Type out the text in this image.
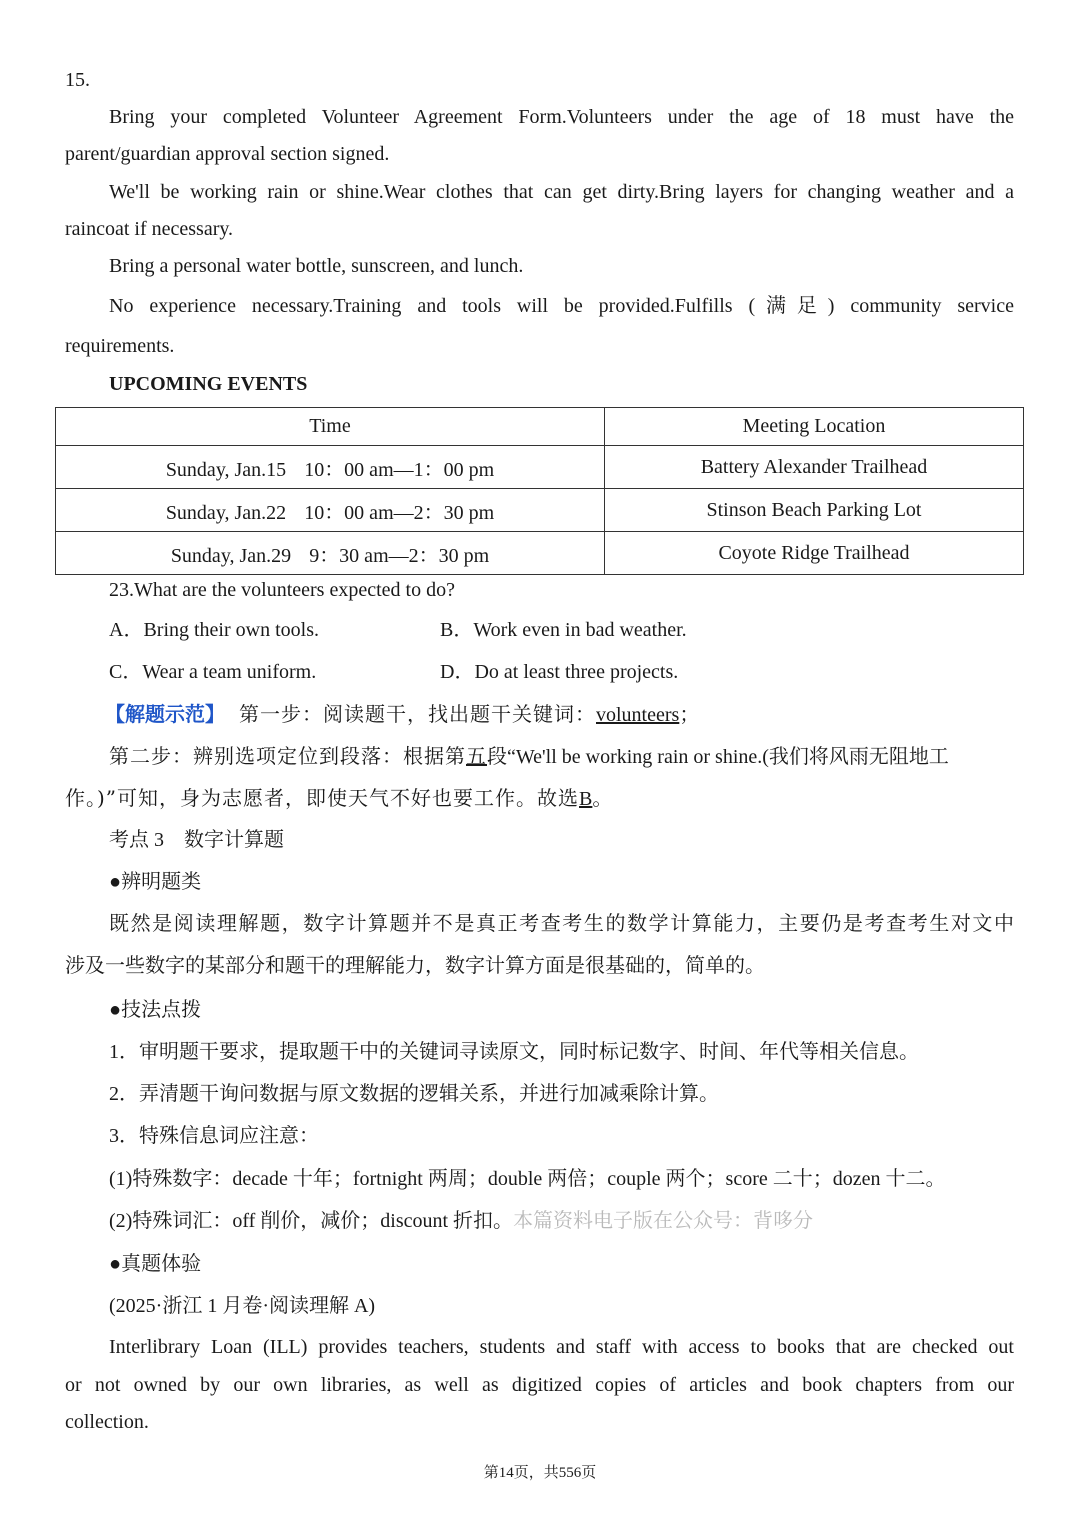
15.
Bring your completed Volunteer Agreement Form.Volunteers under the age of 18 must have the
parent/guardian approval section signed.
We'll be working rain or shine.Wear clothes that can get dirty.Bring layers for changing weather and a
raincoat if necessary.
Bring a personal water bottle, sunscreen, and lunch.
No experience necessary.Training and tools will be provided.Fulfills (满足) community service
requirements.
UPCOMING EVENTS
Time	Meeting Location
Sunday, Jan.15 10：00 am—1：00 pm	Battery Alexander Trailhead
Sunday, Jan.22 10：00 am—2：30 pm	Stinson Beach Parking Lot
Sunday, Jan.29 9：30 am—2：30 pm	Coyote Ridge Trailhead
23.What are the volunteers expected to do?
A．Bring their own tools.	B．Work even in bad weather.
C．Wear a team uniform.	D．Do at least three projects.
【解题示范】 第一步：阅读题干，找出题干关键词：volunteers；
第二步：辨别选项定位到段落：根据第五段“We'll be working rain or shine.(我们将风雨无阻地工
作。)”可知，身为志愿者，即使天气不好也要工作。故选B。
考点 3　数字计算题
●辨明题类
既然是阅读理解题，数字计算题并不是真正考查考生的数学计算能力，主要仍是考查考生对文中
涉及一些数字的某部分和题干的理解能力，数字计算方面是很基础的，简单的。
●技法点拨
1．审明题干要求，提取题干中的关键词寻读原文，同时标记数字、时间、年代等相关信息。
2．弄清题干询问数据与原文数据的逻辑关系，并进行加减乘除计算。
3．特殊信息词应注意：
(1)特殊数字：decade 十年；fortnight 两周；double 两倍；couple 两个；score 二十；dozen 十二。
(2)特殊词汇：off 削价，减价；discount 折扣。本篇资料电子版在公众号：背哆分
●真题体验
(2025·浙江 1 月卷·阅读理解 A)
Interlibrary Loan (ILL) provides teachers, students and staff with access to books that are checked out
or not owned by our own libraries, as well as digitized copies of articles and book chapters from our
collection.
第14页，共556页
